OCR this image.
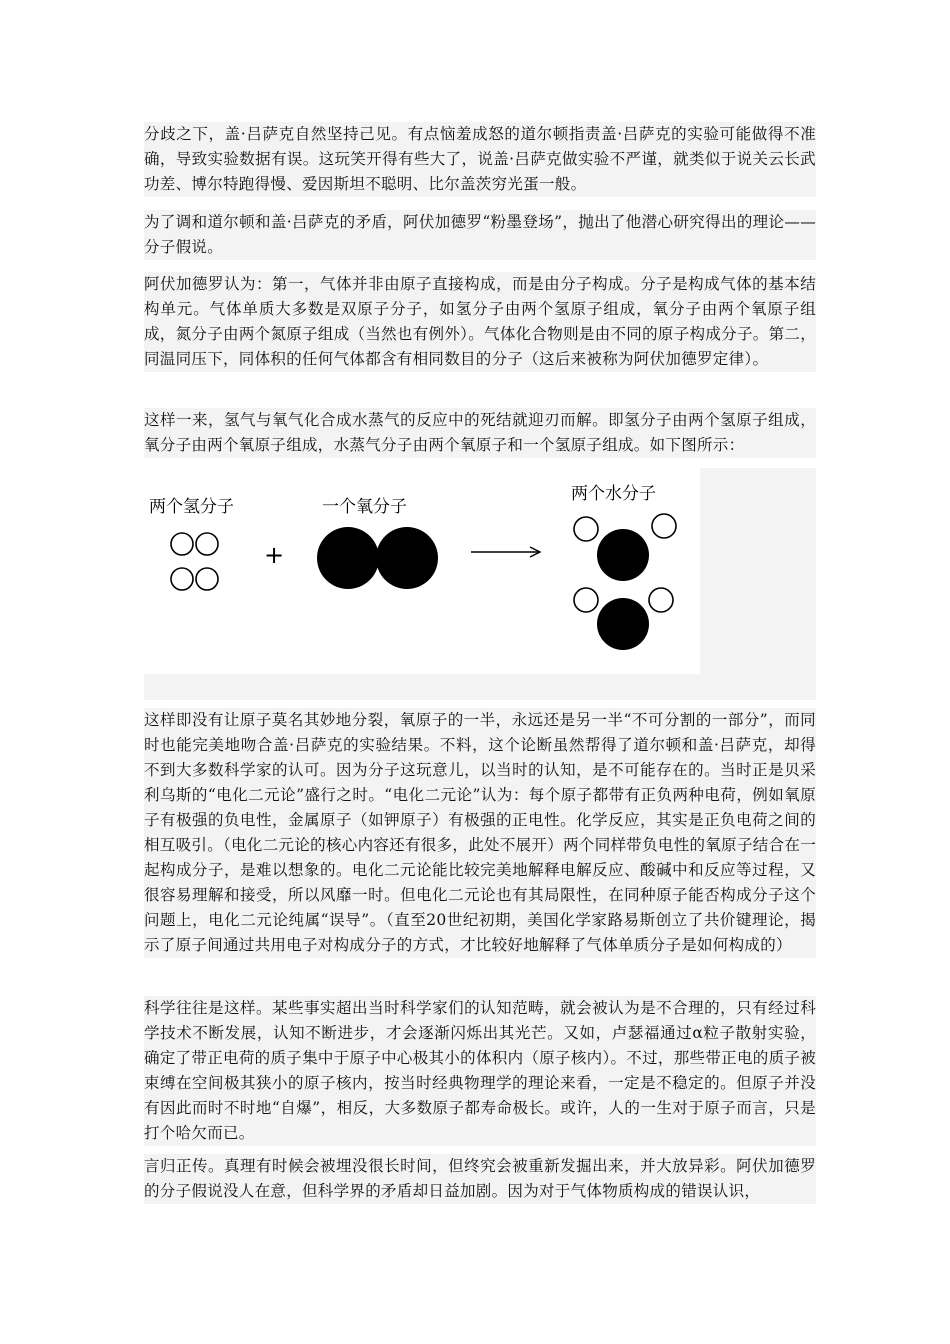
分歧之下，盖·吕萨克自然坚持己见。有点恼羞成怒的道尔顿指责盖·吕萨克的实验可能做得不准确，导致实验数据有误。这玩笑开得有些大了，说盖·吕萨克做实验不严谨，就类似于说关云长武功差、博尔特跑得慢、爱因斯坦不聪明、比尔盖茨穷光蛋一般。

为了调和道尔顿和盖·吕萨克的矛盾，阿伏加德罗“粉墨登场”，抛出了他潜心研究得出的理论——分子假说。

阿伏加德罗认为：第一，气体并非由原子直接构成，而是由分子构成。分子是构成气体的基本结构单元。气体单质大多数是双原子分子，如氢分子由两个氢原子组成，氧分子由两个氧原子组成，氮分子由两个氮原子组成（当然也有例外）。气体化合物则是由不同的原子构成分子。第二，同温同压下，同体积的任何气体都含有相同数目的分子（这后来被称为阿伏加德罗定律）。

这样一来，氢气与氧气化合成水蒸气的反应中的死结就迎刃而解。即氢分子由两个氢原子组成，氧分子由两个氧原子组成，水蒸气分子由两个氧原子和一个氢原子组成。如下图所示：

两个氢分子	一个氧分子
两个水分子
+

这样即没有让原子莫名其妙地分裂，氧原子的一半，永远还是另一半“不可分割的一部分”，而同时也能完美地吻合盖·吕萨克的实验结果。不料，这个论断虽然帮得了道尔顿和盖·吕萨克，却得不到大多数科学家的认可。因为分子这玩意儿，以当时的认知，是不可能存在的。当时正是贝采利乌斯的“电化二元论”盛行之时。“电化二元论”认为：每个原子都带有正负两种电荷，例如氧原子有极强的负电性，金属原子（如钾原子）有极强的正电性。化学反应，其实是正负电荷之间的相互吸引。（电化二元论的核心内容还有很多，此处不展开）两个同样带负电性的氧原子结合在一起构成分子，是难以想象的。电化二元论能比较完美地解释电解反应、酸碱中和反应等过程，又很容易理解和接受，所以风靡一时。但电化二元论也有其局限性，在同种原子能否构成分子这个问题上，电化二元论纯属“误导”。（直至20世纪初期，美国化学家路易斯创立了共价键理论，揭示了原子间通过共用电子对构成分子的方式，才比较好地解释了气体单质分子是如何构成的）

科学往往是这样。某些事实超出当时科学家们的认知范畴，就会被认为是不合理的，只有经过科学技术不断发展，认知不断进步，才会逐渐闪烁出其光芒。又如，卢瑟福通过α粒子散射实验，确定了带正电荷的质子集中于原子中心极其小的体积内（原子核内）。不过，那些带正电的质子被束缚在空间极其狭小的原子核内，按当时经典物理学的理论来看，一定是不稳定的。但原子并没有因此而时不时地“自爆”，相反，大多数原子都寿命极长。或许，人的一生对于原子而言，只是打个哈欠而已。

言归正传。真理有时候会被埋没很长时间，但终究会被重新发掘出来，并大放异彩。阿伏加德罗的分子假说没人在意，但科学界的矛盾却日益加剧。因为对于气体物质构成的错误认识，
